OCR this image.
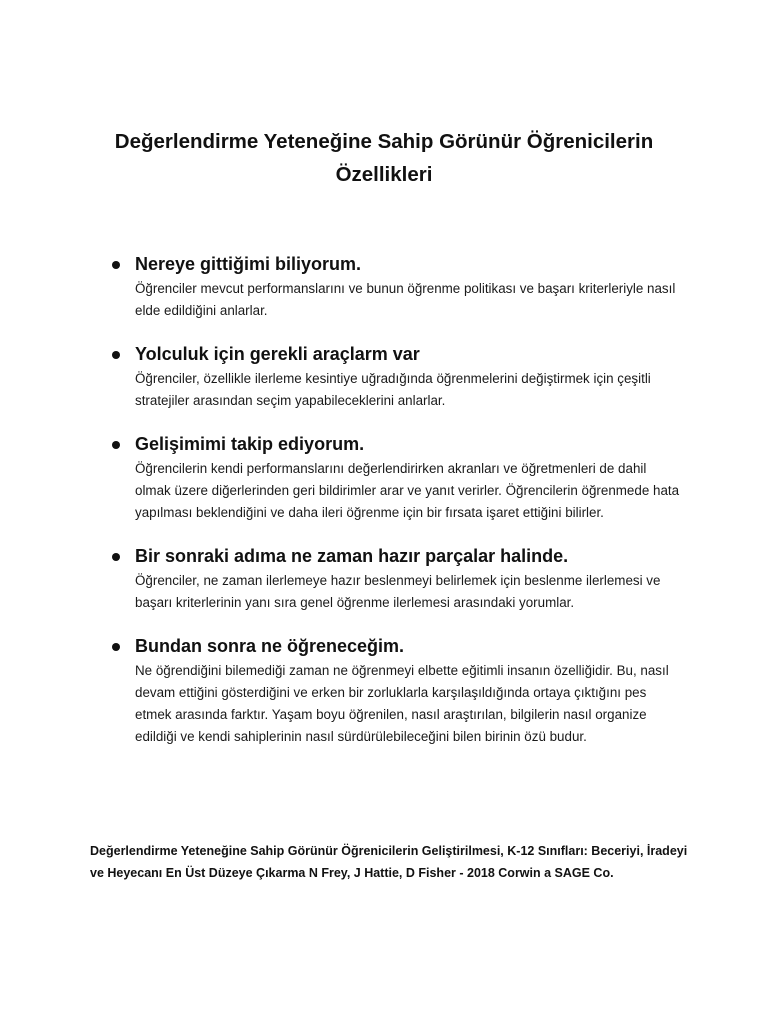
Değerlendirme Yeteneğine Sahip Görünür Öğrenicilerin Özellikleri
Nereye gittiğimi biliyorum.
Öğrenciler mevcut performanslarını ve bunun öğrenme politikası ve başarı kriterleriyle nasıl elde edildiğini anlarlar.
Yolculuk için gerekli araçlarm var
Öğrenciler, özellikle ilerleme kesintiye uğradığında öğrenmelerini değiştirmek için çeşitli stratejiler arasından seçim yapabileceklerini anlarlar.
Gelişimimi takip ediyorum.
Öğrencilerin kendi performanslarını değerlendirirken akranları ve öğretmenleri de dahil olmak üzere diğerlerinden geri bildirimler arar ve yanıt verirler. Öğrencilerin öğrenmede hata yapılması beklendiğini ve daha ileri öğrenme için bir fırsata işaret ettiğini bilirler.
Bir sonraki adıma ne zaman hazır parçalar halinde.
Öğrenciler, ne zaman ilerlemeye hazır beslenmeyi belirlemek için beslenme ilerlemesi ve başarı kriterlerinin yanı sıra genel öğrenme ilerlemesi arasındaki yorumlar.
Bundan sonra ne öğreneceğim.
Ne öğrendiğini bilemediği zaman ne öğrenmeyi elbette eğitimli insanın özelliğidir. Bu, nasıl devam ettiğini gösterdiğini ve erken bir zorluklarla karşılaşıldığında ortaya çıktığını pes etmek arasında farktır. Yaşam boyu öğrenilen, nasıl araştırılan, bilgilerin nasıl organize edildiği ve kendi sahiplerinin nasıl sürdürülebileceğini bilen birinin özü budur.

Değerlendirme Yeteneğine Sahip Görünür Öğrenicilerin Geliştirilmesi, K-12 Sınıfları: Beceriyi, İradeyi ve Heyecanı En Üst Düzeye Çıkarma N Frey, J Hattie, D Fisher - 2018 Corwin a SAGE Co.
